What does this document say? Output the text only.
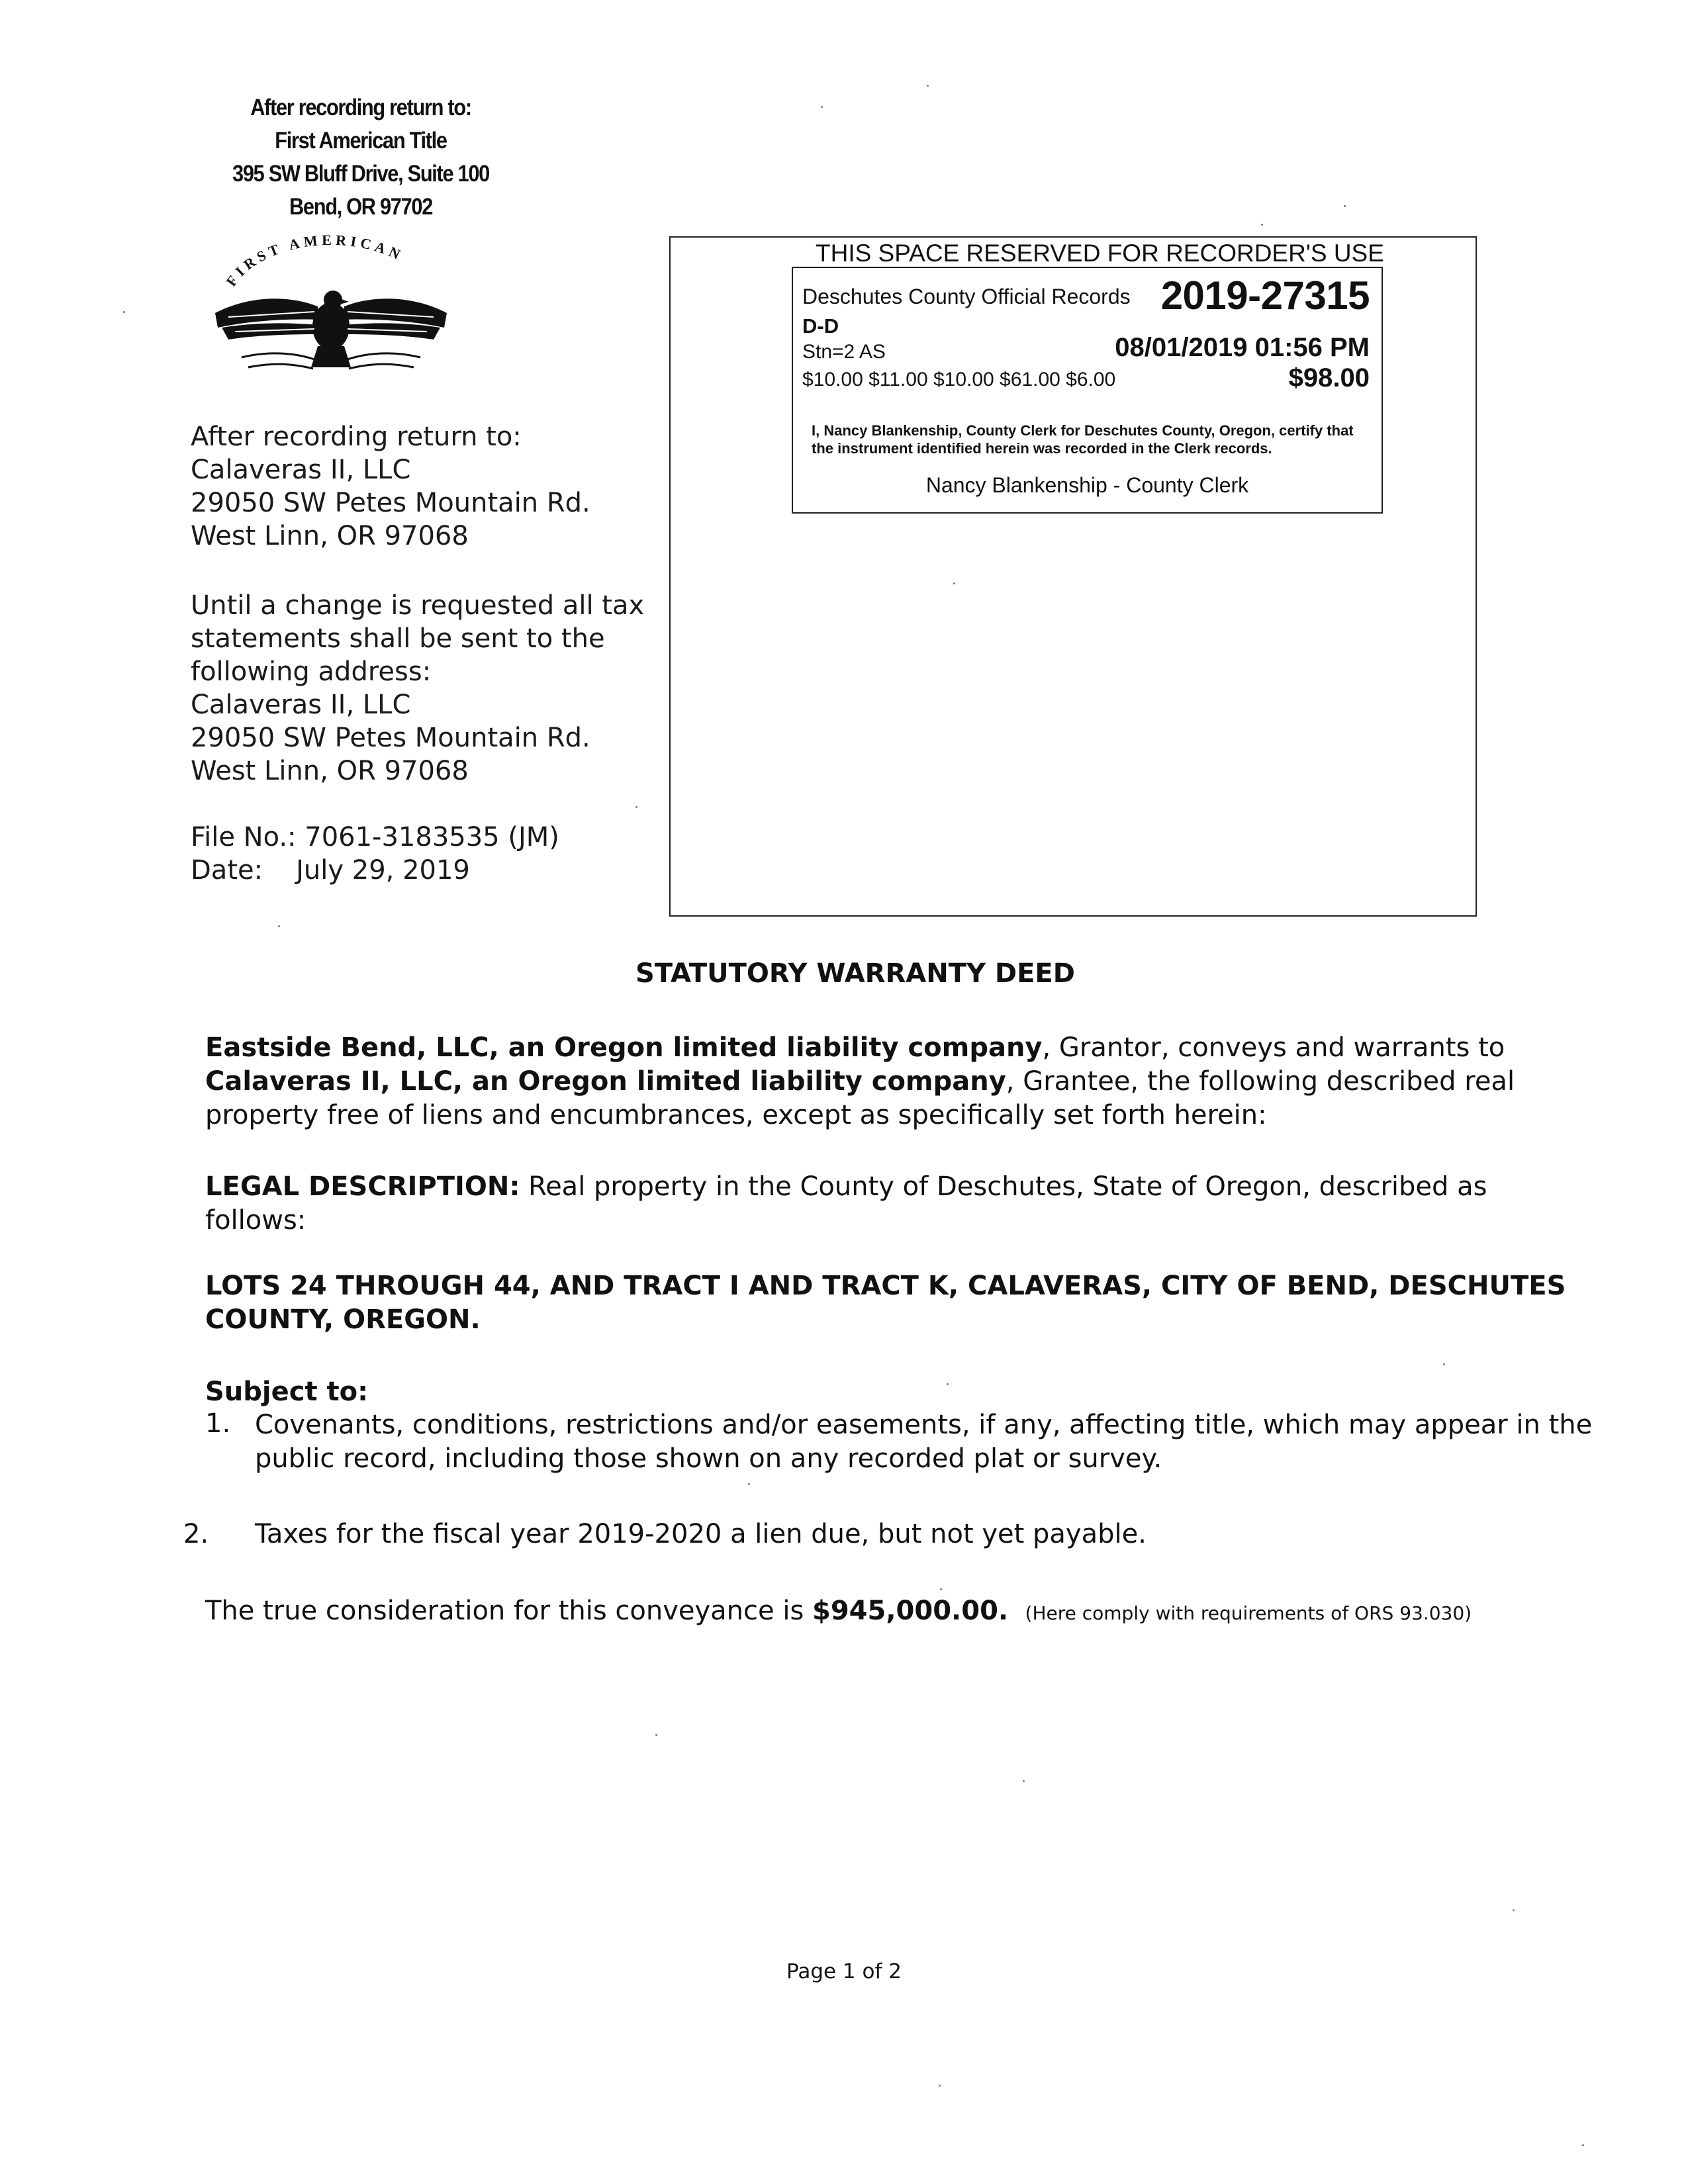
After recording return to:
First American Title
395 SW Bluff Drive, Suite 100
Bend, OR 97702
FIRST AMERICAN
After recording return to:
Calaveras II, LLC
29050 SW Petes Mountain Rd.
West Linn, OR 97068
Until a change is requested all tax
statements shall be sent to the
following address:
Calaveras II, LLC
29050 SW Petes Mountain Rd.
West Linn, OR 97068
File No.: 7061-3183535 (JM)
Date: July 29, 2019
THIS SPACE RESERVED FOR RECORDER'S USE
Deschutes County Official Records 2019-27315
D-D
Stn=2 AS	08/01/2019 01:56 PM
$10.00 $11.00 $10.00 $61.00 $6.00	$98.00
I, Nancy Blankenship, County Clerk for Deschutes County, Oregon, certify that the instrument identified herein was recorded in the Clerk records.
Nancy Blankenship - County Clerk
STATUTORY WARRANTY DEED
Eastside Bend, LLC, an Oregon limited liability company, Grantor, conveys and warrants to
Calaveras II, LLC, an Oregon limited liability company, Grantee, the following described real
property free of liens and encumbrances, except as specifically set forth herein:
LEGAL DESCRIPTION: Real property in the County of Deschutes, State of Oregon, described as
follows:
LOTS 24 THROUGH 44, AND TRACT I AND TRACT K, CALAVERAS, CITY OF BEND, DESCHUTES
COUNTY, OREGON.
Subject to:
1. Covenants, conditions, restrictions and/or easements, if any, affecting title, which may appear in the
public record, including those shown on any recorded plat or survey.
2. Taxes for the fiscal year 2019-2020 a lien due, but not yet payable.
The true consideration for this conveyance is $945,000.00. (Here comply with requirements of ORS 93.030)
Page 1 of 2
